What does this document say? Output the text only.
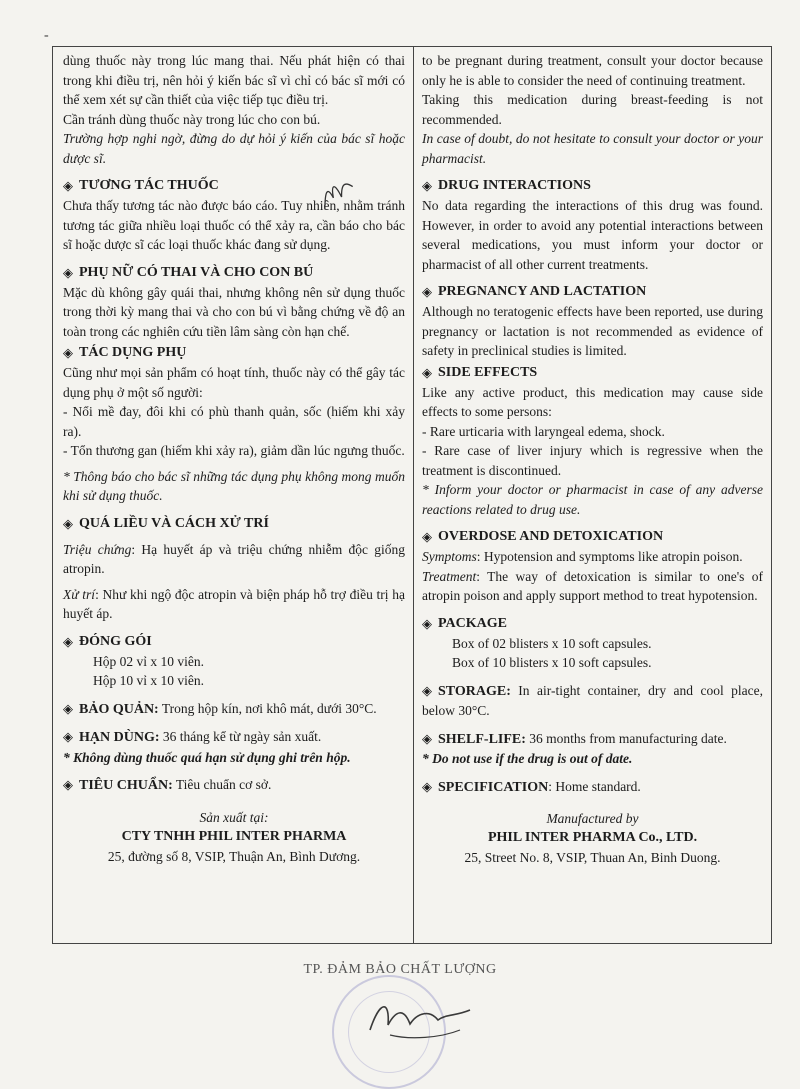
-

dùng thuốc này trong lúc mang thai. Nếu phát hiện có thai trong khi điều trị, nên hỏi ý kiến bác sĩ vì chỉ có bác sĩ mới có thể xem xét sự cần thiết của việc tiếp tục điều trị.

Cần tránh dùng thuốc này trong lúc cho con bú.

Trường hợp nghi ngờ, đừng do dự hỏi ý kiến của bác sĩ hoặc dược sĩ.

◈ TƯƠNG TÁC THUỐC

Chưa thấy tương tác nào được báo cáo. Tuy nhiên, nhằm tránh tương tác giữa nhiều loại thuốc có thể xảy ra, cần báo cho bác sĩ hoặc dược sĩ các loại thuốc khác đang sử dụng.

◈ PHỤ NỮ CÓ THAI VÀ CHO CON BÚ

Mặc dù không gây quái thai, nhưng không nên sử dụng thuốc trong thời kỳ mang thai và cho con bú vì bằng chứng về độ an toàn trong các nghiên cứu tiền lâm sàng còn hạn chế.

◈ TÁC DỤNG PHỤ

Cũng như mọi sản phẩm có hoạt tính, thuốc này có thể gây tác dụng phụ ở một số người:

- Nổi mề đay, đôi khi có phù thanh quản, sốc (hiếm khi xảy ra).

- Tổn thương gan (hiếm khi xảy ra), giảm dần lúc ngưng thuốc.

* Thông báo cho bác sĩ những tác dụng phụ không mong muốn khi sử dụng thuốc.

◈ QUÁ LIỀU VÀ CÁCH XỬ TRÍ

Triệu chứng: Hạ huyết áp và triệu chứng nhiễm độc giống atropin.

Xử trí: Như khi ngộ độc atropin và biện pháp hỗ trợ điều trị hạ huyết áp.

◈ ĐÓNG GÓI

Hộp 02 vỉ x 10 viên.

Hộp 10 vỉ x 10 viên.

◈ BẢO QUẢN: Trong hộp kín, nơi khô mát, dưới 30°C.

◈ HẠN DÙNG: 36 tháng kể từ ngày sản xuất.

* Không dùng thuốc quá hạn sử dụng ghi trên hộp.

◈ TIÊU CHUẨN: Tiêu chuẩn cơ sở.

Sản xuất tại:
CTY TNHH PHIL INTER PHARMA
25, đường số 8, VSIP, Thuận An, Bình Dương.

to be pregnant during treatment, consult your doctor because only he is able to consider the need of continuing treatment.

Taking this medication during breast-feeding is not recommended.

In case of doubt, do not hesitate to consult your doctor or your pharmacist.

◈ DRUG INTERACTIONS

No data regarding the interactions of this drug was found. However, in order to avoid any potential interactions between several medications, you must inform your doctor or pharmacist of all other current treatments.

◈ PREGNANCY AND LACTATION

Although no teratogenic effects have been reported, use during pregnancy or lactation is not recommended as evidence of safety in preclinical studies is limited.

◈ SIDE EFFECTS

Like any active product, this medication may cause side effects to some persons:

- Rare urticaria with laryngeal edema, shock.

- Rare case of liver injury which is regressive when the treatment is discontinued.

* Inform your doctor or pharmacist in case of any adverse reactions related to drug use.

◈ OVERDOSE AND DETOXICATION

Symptoms: Hypotension and symptoms like atropin poison.

Treatment: The way of detoxication is similar to one's of atropin poison and apply support method to treat hypotension.

◈ PACKAGE

Box of 02 blisters x 10 soft capsules.

Box of 10 blisters x 10 soft capsules.

◈ STORAGE: In air-tight container, dry and cool place, below 30°C.

◈ SHELF-LIFE: 36 months from manufacturing date.

* Do not use if the drug is out of date.

◈ SPECIFICATION: Home standard.

Manufactured by
PHIL INTER PHARMA Co., LTD.
25, Street No. 8, VSIP, Thuan An, Binh Duong.
TP. ĐẢM BẢO CHẤT LƯỢNG
